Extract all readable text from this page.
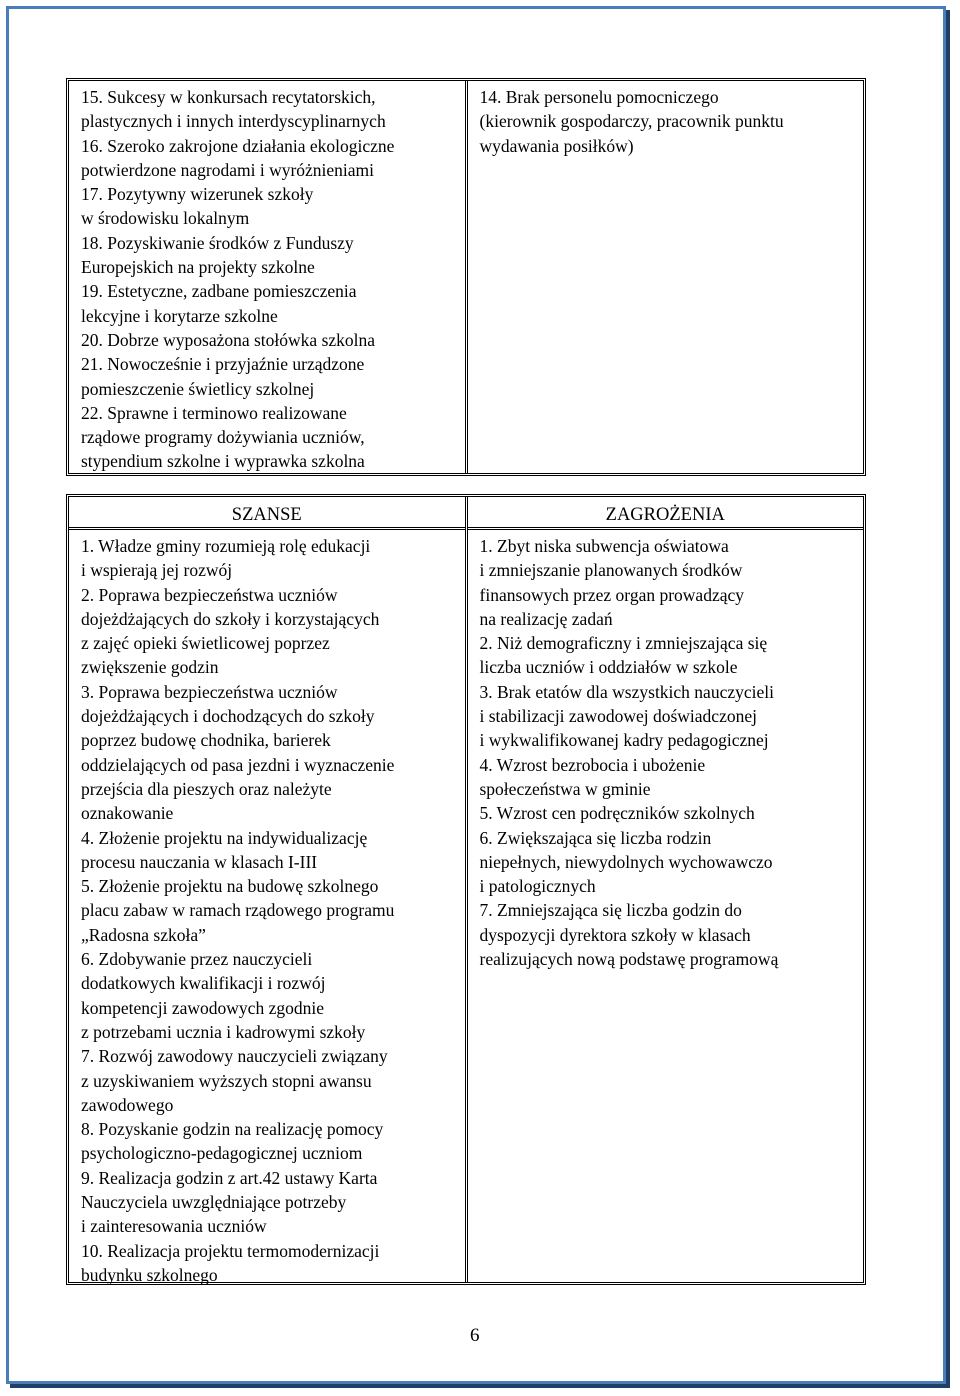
15. Sukcesy w konkursach recytatorskich,
plastycznych i innych interdyscyplinarnych
16. Szeroko zakrojone działania ekologiczne
potwierdzone nagrodami i wyróżnieniami
17. Pozytywny wizerunek szkoły
w środowisku lokalnym
18. Pozyskiwanie środków z Funduszy
Europejskich na projekty szkolne
19. Estetyczne, zadbane pomieszczenia
lekcyjne i korytarze szkolne
20. Dobrze wyposażona stołówka szkolna
21. Nowocześnie i przyjaźnie urządzone
pomieszczenie świetlicy szkolnej
22. Sprawne i terminowo realizowane
rządowe programy dożywiania uczniów,
stypendium szkolne i wyprawka szkolna
14. Brak personelu pomocniczego
(kierownik gospodarczy, pracownik punktu
wydawania posiłków)
SZANSE
1. Władze gminy rozumieją rolę edukacji
i wspierają jej rozwój
2. Poprawa bezpieczeństwa uczniów
dojeżdżających do szkoły i korzystających
z zajęć opieki świetlicowej poprzez
zwiększenie godzin
3. Poprawa bezpieczeństwa uczniów
dojeżdżających i dochodzących do szkoły
poprzez budowę chodnika, barierek
oddzielających od pasa jezdni i wyznaczenie
przejścia dla pieszych oraz należyte
oznakowanie
4. Złożenie projektu na indywidualizację
procesu nauczania w klasach I-III
5. Złożenie projektu na budowę szkolnego
placu zabaw w ramach rządowego programu
„Radosna szkoła”
6. Zdobywanie przez nauczycieli
dodatkowych kwalifikacji i rozwój
kompetencji zawodowych zgodnie
z potrzebami ucznia i kadrowymi szkoły
7. Rozwój zawodowy nauczycieli związany
z uzyskiwaniem wyższych stopni awansu
zawodowego
8. Pozyskanie godzin na realizację pomocy
psychologiczno-pedagogicznej uczniom
9. Realizacja godzin z art.42 ustawy Karta
Nauczyciela uwzględniające potrzeby
i zainteresowania uczniów
10. Realizacja projektu termomodernizacji
budynku szkolnego
ZAGROŻENIA
1. Zbyt niska subwencja oświatowa
i zmniejszanie planowanych środków
finansowych przez organ prowadzący
na realizację zadań
2. Niż demograficzny i zmniejszająca się
liczba uczniów i oddziałów w szkole
3. Brak etatów dla wszystkich nauczycieli
i stabilizacji zawodowej doświadczonej
i wykwalifikowanej kadry pedagogicznej
4. Wzrost bezrobocia i ubożenie
społeczeństwa w gminie
5. Wzrost cen podręczników szkolnych
6. Zwiększająca się liczba rodzin
niepełnych, niewydolnych wychowawczo
i patologicznych
7. Zmniejszająca się liczba godzin do
dyspozycji dyrektora szkoły w klasach
realizujących nową podstawę programową
6
